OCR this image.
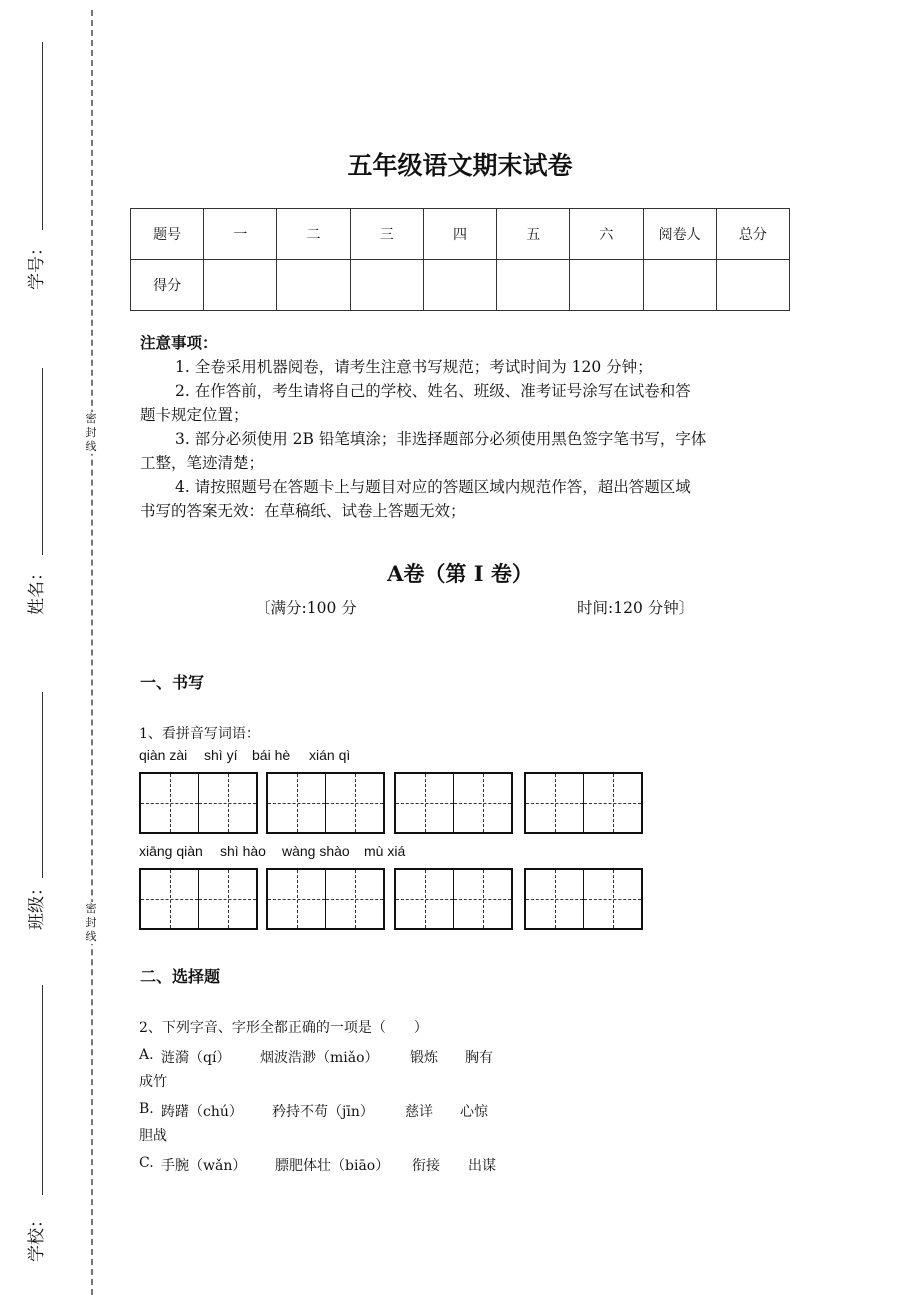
密封线
密封线
学号：
姓名：
班级：
学校：
五年级语文期末试卷
题号	一	二	三	四	五	六	阅卷人	总分
得分								
注意事项：
1. 全卷采用机器阅卷，请考生注意书写规范；考试时间为 120 分钟；
2. 在作答前，考生请将自己的学校、姓名、班级、准考证号涂写在试卷和答
题卡规定位置；
3. 部分必须使用 2B 铅笔填涂；非选择题部分必须使用黑色签字笔书写，字体
工整，笔迹清楚；
4. 请按照题号在答题卡上与题目对应的答题区域内规范作答，超出答题区域
书写的答案无效：在草稿纸、试卷上答题无效；
A卷（第 I 卷）
〔满分:100 分	时间:120 分钟〕
一、书写
1、看拼音写词语：
qiàn zài shì yí bái hè xián qì
xiāng qiàn shì hào wàng shào mù xiá
二、选择题
2、下列字音、字形全都正确的一项是（　　）
A. 涟漪（qí） 烟波浩渺（miǎo） 锻炼 胸有
成竹
B. 踌躇（chú） 矜持不苟（jīn） 慈详 心惊
胆战
C. 手腕（wǎn） 膘肥体壮（biāo） 衔接 出谋
